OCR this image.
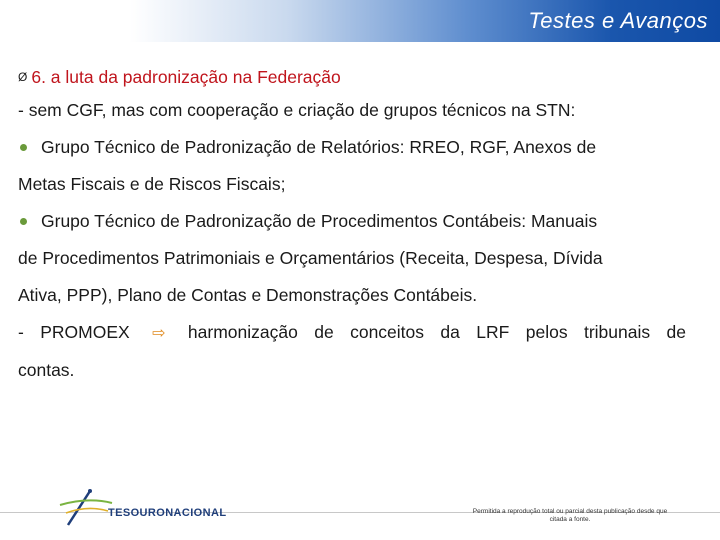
Testes e Avanços
Ø 6. a luta da padronização na Federação
- sem CGF, mas com cooperação e criação de grupos técnicos na STN:
Grupo Técnico de Padronização de Relatórios: RREO, RGF, Anexos de
Metas Fiscais e de Riscos Fiscais;
Grupo Técnico de Padronização de Procedimentos Contábeis: Manuais
de Procedimentos Patrimoniais e Orçamentários (Receita, Despesa, Dívida
Ativa, PPP), Plano de Contas e Demonstrações Contábeis.
- PROMOEX ⇨ harmonização de conceitos da LRF pelos tribunais de
contas.
TESOURONACIONAL	Permitida a reprodução total ou parcial desta publicação desde que citada a fonte.
